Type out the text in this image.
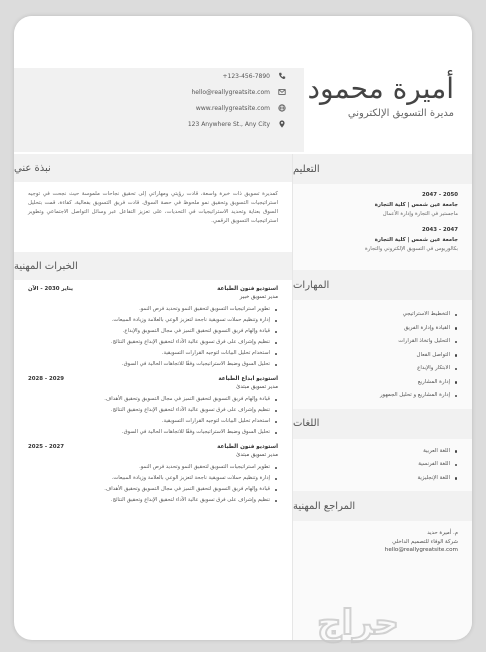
+123-456-7890
hello@reallygreatsite.com
www.reallygreatsite.com
123 Anywhere St., Any City
أميرة محمود
مديرة التسويق الإلكتروني
نبذة عني
كمديرة تسويق ذات خبرة واسعة، قادت رؤيتي ومهاراتي إلى تحقيق نجاحات ملموسة حيث نجحت في توجيه استراتيجيات التسويق وتحقيق نمو ملحوظ في حصة السوق. قادت فريق التسويق بفعالية، كفاءة، قمت بتحليل السوق بعناية وتحديد الاستراتيجيات في التحديات، على تعزيز التفاعل عبر وسائل التواصل الاجتماعي وتطوير استراتيجيات التسويق الرقمي.
الخبرات المهنية
استوديو فنون الطباعة
مدير تسويق خبير
يناير 2030 - الآن
تطوير استراتيجيات التسويق لتحقيق النمو وتحديد فرص النمو.
إدارة وتنظيم حملات تسويقية ناجحة لتعزيز الوعي بالعلامة وزيادة المبيعات.
قيادة وإلهام فريق التسويق لتحقيق التميز في مجال التسويق والإبداع.
تنظيم وإشراف على فرق تسويق عالية الأداء لتحقيق الإبداع وتحقيق النتائج.
استخدام تحليل البيانات لتوجيه القرارات التسويقية.
تحليل السوق وضبط الاستراتيجيات وفقًا للاتجاهات الحالية في السوق.
استوديو ابداع الطباعة
مدير تسويق مبتدئ
2028 - 2029
قيادة وإلهام فريق التسويق لتحقيق التميز في مجال التسويق وتحقيق الأهداف.
تنظيم وإشراف على فرق تسويق عالية الأداء لتحقيق الإبداع وتحقيق النتائج.
استخدام تحليل البيانات لتوجيه القرارات التسويقية.
تحليل السوق وضبط الاستراتيجيات وفقًا للاتجاهات الحالية في السوق.
استوديو فنون الطباعة
مدير تسويق مبتدئ
2025 - 2027
تطوير استراتيجيات التسويق لتحقيق النمو وتحديد فرص النمو.
إدارة وتنظيم حملات تسويقية ناجحة لتعزيز الوعي بالعلامة وزيادة المبيعات.
قيادة وإلهام فريق التسويق لتحقيق التميز في مجال التسويق وتحقيق الأهداف.
تنظيم وإشراف على فرق تسويق عالية الأداء لتحقيق الإبداع وتحقيق النتائج.
التعليم
2047 - 2050
جامعة عين شمس | كلية التجارة
ماجستير في التجارة وإدارة الأعمال
2043 - 2047
جامعة عين شمس | كلية التجارة
بكالوريوس في التسويق الإلكتروني والتجارة
المهارات
التخطيط الاستراتيجي
القيادة وإدارة الفريق
التحليل واتخاذ القرارات
التواصل الفعال
الابتكار والإبداع
إدارة المشاريع
إدارة المشاريع و تحليل الجمهور
اللغات
اللغة العربية
اللغة الفرنسية
اللغة الإنجليزية
المراجع المهنية
م. أميرة حديد
شركة الوفاء للتصميم الداخلي
hello@reallygreatsite.com
حراج
